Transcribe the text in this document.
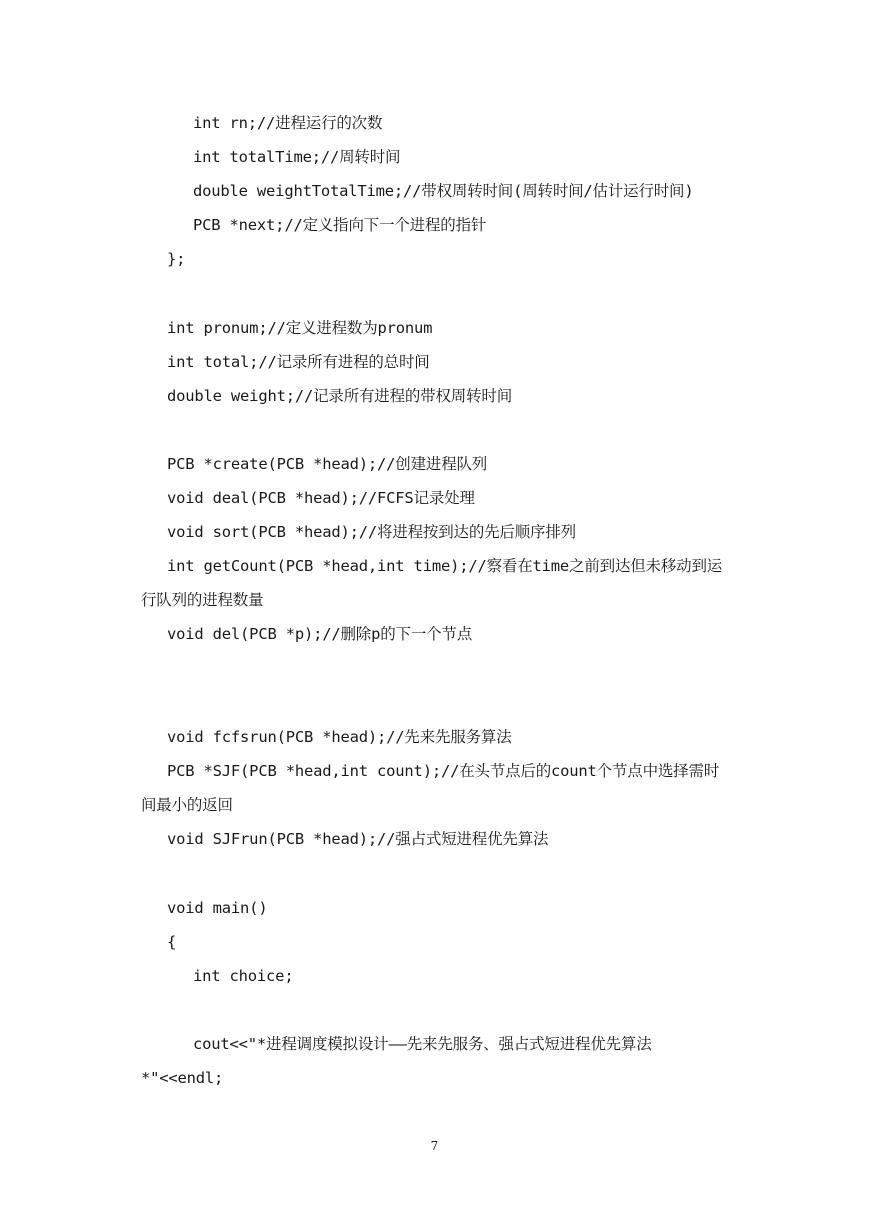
int rn;//进程运行的次数
int totalTime;//周转时间
double weightTotalTime;//带权周转时间(周转时间/估计运行时间)
PCB *next;//定义指向下一个进程的指针
};
int pronum;//定义进程数为pronum
int total;//记录所有进程的总时间
double weight;//记录所有进程的带权周转时间
PCB *create(PCB *head);//创建进程队列
void deal(PCB *head);//FCFS记录处理
void sort(PCB *head);//将进程按到达的先后顺序排列
int getCount(PCB *head,int time);//察看在time之前到达但未移动到运
行队列的进程数量
void del(PCB *p);//删除p的下一个节点
void fcfsrun(PCB *head);//先来先服务算法
PCB *SJF(PCB *head,int count);//在头节点后的count个节点中选择需时
间最小的返回
void SJFrun(PCB *head);//强占式短进程优先算法
void main()
{
int choice;
cout<<"*进程调度模拟设计——先来先服务、强占式短进程优先算法
*"<<endl;
7
